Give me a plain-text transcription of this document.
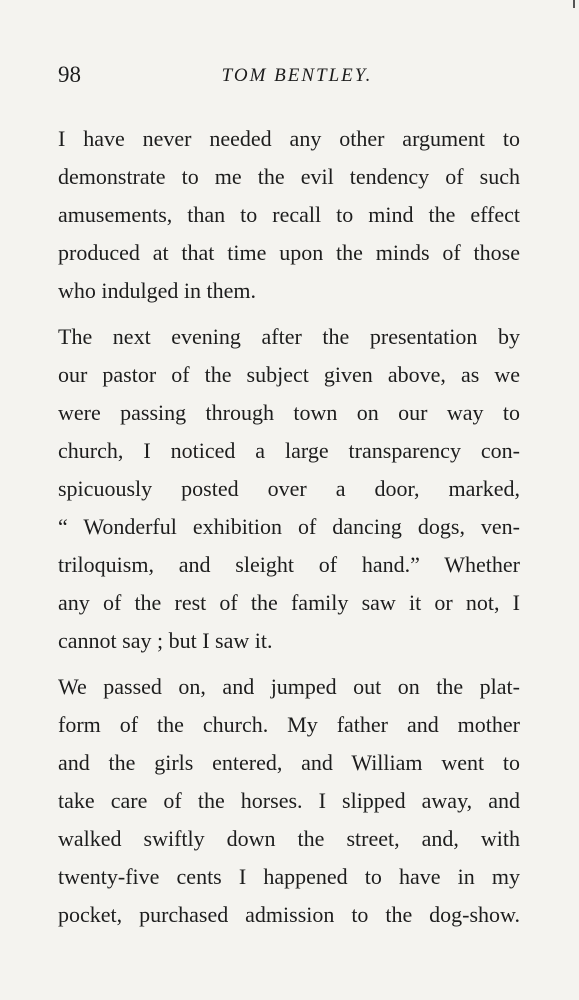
98	TOM BENTLEY.
I have never needed any other argument to
demonstrate to me the evil tendency of such
amusements, than to recall to mind the effect
produced at that time upon the minds of those
who indulged in them.
The next evening after the presentation by
our pastor of the subject given above, as we
were passing through town on our way to
church, I noticed a large transparency con-
spicuously posted over a door, marked,
“ Wonderful exhibition of dancing dogs, ven-
triloquism, and sleight of hand.” Whether
any of the rest of the family saw it or not, I
cannot say ; but I saw it.
We passed on, and jumped out on the plat-
form of the church. My father and mother
and the girls entered, and William went to
take care of the horses. I slipped away, and
walked swiftly down the street, and, with
twenty-five cents I happened to have in my
pocket, purchased admission to the dog-show.
